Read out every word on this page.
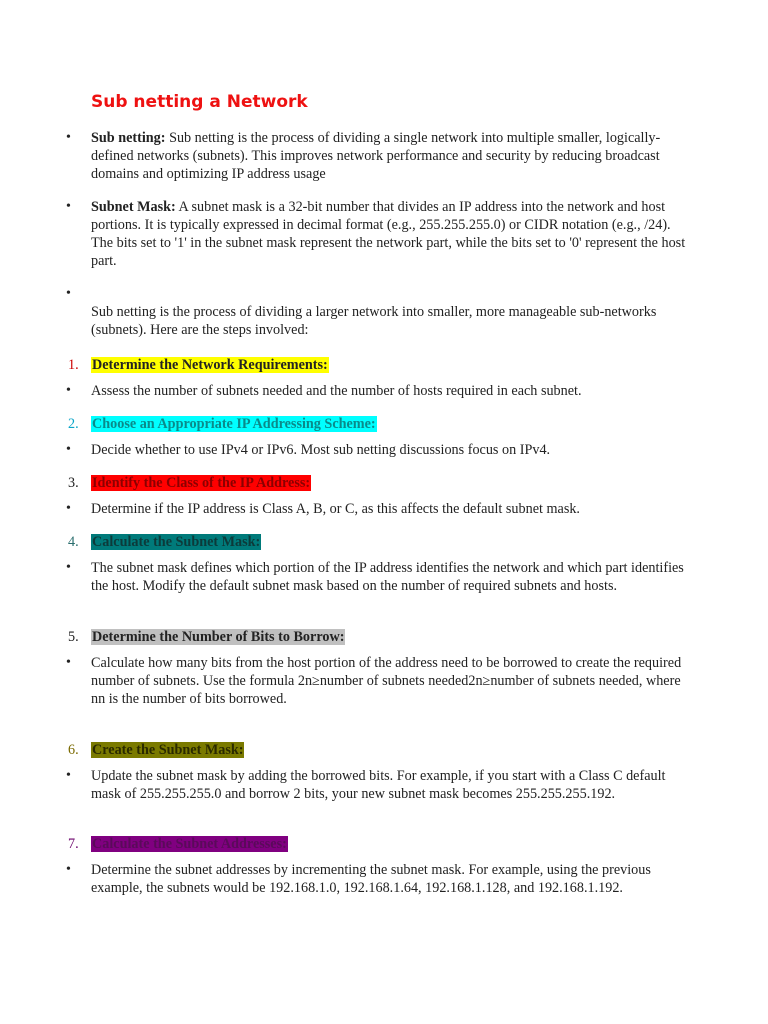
Sub netting a Network
• Sub netting: Sub netting is the process of dividing a single network into multiple smaller, logically-defined networks (subnets). This improves network performance and security by reducing broadcast domains and optimizing IP address usage
• Subnet Mask: A subnet mask is a 32-bit number that divides an IP address into the network and host portions. It is typically expressed in decimal format (e.g., 255.255.255.0) or CIDR notation (e.g., /24). The bits set to '1' in the subnet mask represent the network part, while the bits set to '0' represent the host part.
•
Sub netting is the process of dividing a larger network into smaller, more manageable sub-networks (subnets). Here are the steps involved:
1. Determine the Network Requirements:
• Assess the number of subnets needed and the number of hosts required in each subnet.
2. Choose an Appropriate IP Addressing Scheme:
• Decide whether to use IPv4 or IPv6. Most sub netting discussions focus on IPv4.
3. Identify the Class of the IP Address:
• Determine if the IP address is Class A, B, or C, as this affects the default subnet mask.
4. Calculate the Subnet Mask:
• The subnet mask defines which portion of the IP address identifies the network and which part identifies the host. Modify the default subnet mask based on the number of required subnets and hosts.
5. Determine the Number of Bits to Borrow:
• Calculate how many bits from the host portion of the address need to be borrowed to create the required number of subnets. Use the formula 2n≥number of subnets needed2n≥number of subnets needed, where nn is the number of bits borrowed.
6. Create the Subnet Mask:
• Update the subnet mask by adding the borrowed bits. For example, if you start with a Class C default mask of 255.255.255.0 and borrow 2 bits, your new subnet mask becomes 255.255.255.192.
7. Calculate the Subnet Addresses:
• Determine the subnet addresses by incrementing the subnet mask. For example, using the previous example, the subnets would be 192.168.1.0, 192.168.1.64, 192.168.1.128, and 192.168.1.192.
